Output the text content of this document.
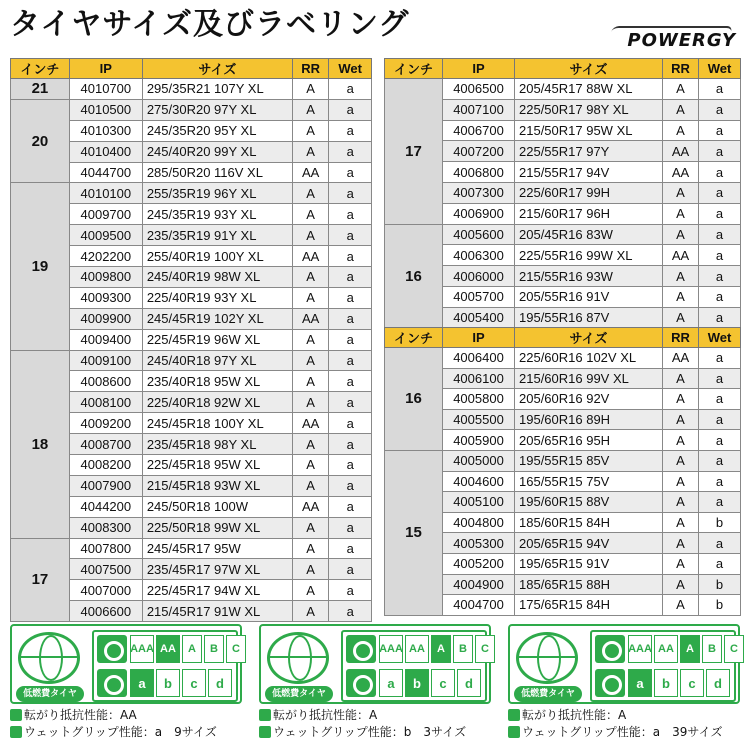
タイヤサイズ及びラベリング	POWERGY
インチ	IP	サイズ	RR	Wet
21	4010700	295/35R21 107Y XL	A	a
20	4010500	275/30R20 97Y XL	A	a
	4010300	245/35R20 95Y XL	A	a
	4010400	245/40R20 99Y XL	A	a
	4044700	285/50R20 116V XL	AA	a
19	4010100	255/35R19 96Y XL	A	a
	4009700	245/35R19 93Y XL	A	a
	4009500	235/35R19 91Y XL	A	a
	4202200	255/40R19 100Y XL	AA	a
	4009800	245/40R19 98W XL	A	a
	4009300	225/40R19 93Y XL	A	a
	4009900	245/45R19 102Y XL	AA	a
	4009400	225/45R19 96W XL	A	a
18	4009100	245/40R18 97Y XL	A	a
	4008600	235/40R18 95W XL	A	a
	4008100	225/40R18 92W XL	A	a
	4009200	245/45R18 100Y XL	AA	a
	4008700	235/45R18 98Y XL	A	a
	4008200	225/45R18 95W XL	A	a
	4007900	215/45R18 93W XL	A	a
	4044200	245/50R18 100W	AA	a
	4008300	225/50R18 99W XL	A	a
17	4007800	245/45R17 95W	A	a
	4007500	235/45R17 97W XL	A	a
	4007000	225/45R17 94W XL	A	a
	4006600	215/45R17 91W XL	A	a
インチ	IP	サイズ	RR	Wet
17	4006500	205/45R17 88W XL	A	a
	4007100	225/50R17 98Y XL	A	a
	4006700	215/50R17 95W XL	A	a
	4007200	225/55R17 97Y	AA	a
	4006800	215/55R17 94V	AA	a
	4007300	225/60R17 99H	A	a
	4006900	215/60R17 96H	A	a
16	4005600	205/45R16 83W	A	a
	4006300	225/55R16 99W XL	AA	a
	4006000	215/55R16 93W	A	a
	4005700	205/55R16 91V	A	a
	4005400	195/55R16 87V	A	a
インチ	IP	サイズ	RR	Wet
16	4006400	225/60R16 102V XL	AA	a
	4006100	215/60R16 99V XL	A	a
	4005800	205/60R16 92V	A	a
	4005500	195/60R16 89H	A	a
	4005900	205/65R16 95H	A	a
15	4005000	195/55R15 85V	A	a
	4004600	165/55R15 75V	A	a
	4005100	195/60R15 88V	A	a
	4004800	185/60R15 84H	A	b
	4005300	205/65R15 94V	A	a
	4005200	195/65R15 91V	A	a
	4004900	185/65R15 88H	A	b
	4004700	175/65R15 84H	A	b
低燃費タイヤ
AAA AA	A	B	C
a	b	c	d
転がり抵抗性能：AA
ウェットグリップ性能：a　9サイズ
低燃費タイヤ
AAA AA	A	B	C
a	b	c	d
転がり抵抗性能：A
ウェットグリップ性能：b　3サイズ
低燃費タイヤ
AAA AA	A	B	C
a	b	c	d
転がり抵抗性能：A
ウェットグリップ性能：a　39サイズ
